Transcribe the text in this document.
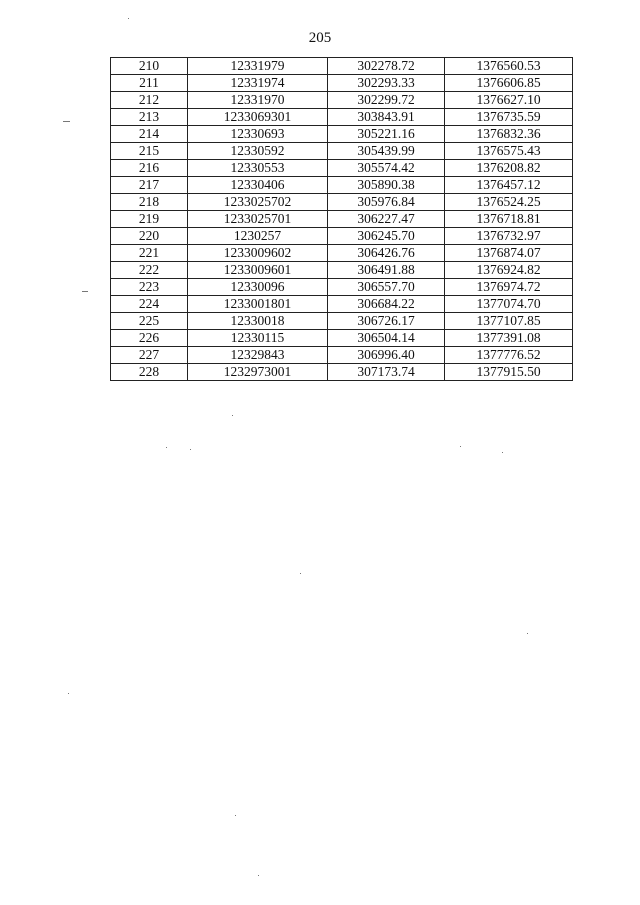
205
210	12331979	302278.72	1376560.53
211	12331974	302293.33	1376606.85
212	12331970	302299.72	1376627.10
213	1233069301	303843.91	1376735.59
214	12330693	305221.16	1376832.36
215	12330592	305439.99	1376575.43
216	12330553	305574.42	1376208.82
217	12330406	305890.38	1376457.12
218	1233025702	305976.84	1376524.25
219	1233025701	306227.47	1376718.81
220	1230257	306245.70	1376732.97
221	1233009602	306426.76	1376874.07
222	1233009601	306491.88	1376924.82
223	12330096	306557.70	1376974.72
224	1233001801	306684.22	1377074.70
225	12330018	306726.17	1377107.85
226	12330115	306504.14	1377391.08
227	12329843	306996.40	1377776.52
228	1232973001	307173.74	1377915.50
